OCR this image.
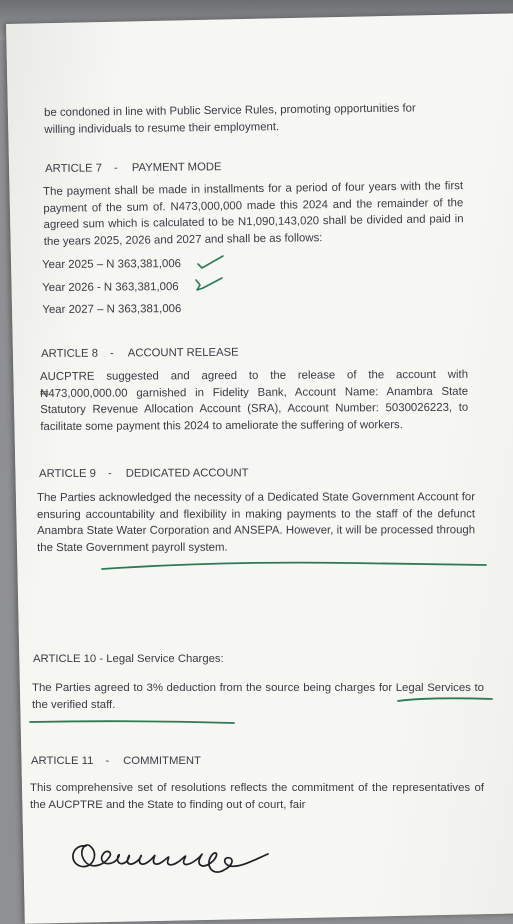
be condoned in line with Public Service Rules, promoting opportunities for
willing individuals to resume their employment.
ARTICLE 7 - PAYMENT MODE
The payment shall be made in installments for a period of four years with the first payment of the sum of. N473,000,000 made this 2024 and the remainder of the agreed sum which is calculated to be N1,090,143,020 shall be divided and paid in the years 2025, 2026 and 2027 and shall be as follows:
Year 2025 – N 363,381,006
Year 2026 - N 363,381,006
Year 2027 – N 363,381,006
ARTICLE 8 - ACCOUNT RELEASE
AUCPTRE suggested and agreed to the release of the account with ₦473,000,000.00 garnished in Fidelity Bank, Account Name: Anambra State Statutory Revenue Allocation Account (SRA), Account Number: 5030026223, to facilitate some payment this 2024 to ameliorate the suffering of workers.
ARTICLE 9 - DEDICATED ACCOUNT
The Parties acknowledged the necessity of a Dedicated State Government Account for ensuring accountability and flexibility in making payments to the staff of the defunct Anambra State Water Corporation and ANSEPA. However, it will be processed through the State Government payroll system.
ARTICLE 10 - Legal Service Charges:
The Parties agreed to 3% deduction from the source being charges for Legal Services to the verified staff.
ARTICLE 11 - COMMITMENT
This comprehensive set of resolutions reflects the commitment of the representatives of the AUCPTRE and the State to finding out of court, fair
